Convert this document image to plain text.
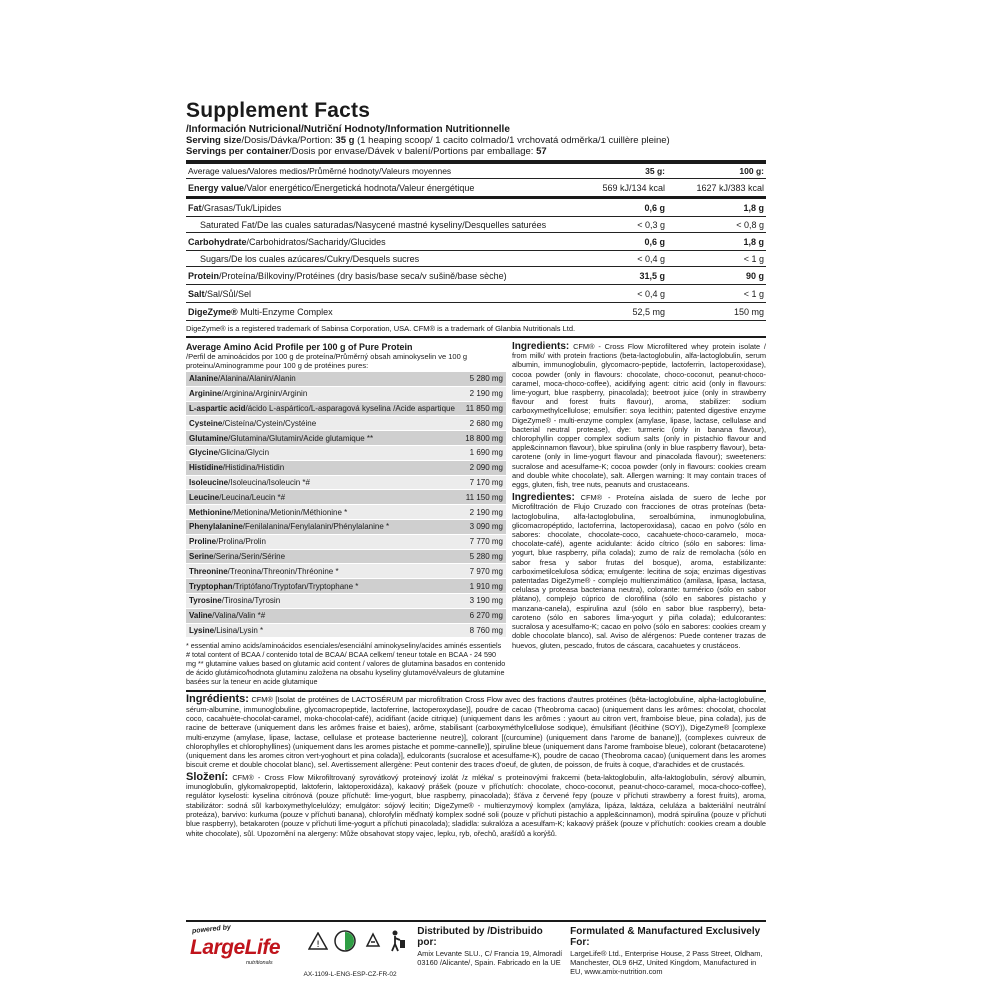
Supplement Facts
/Información Nutricional/Nutriční Hodnoty/Information Nutritionnelle
Serving size/Dosis/Dávka/Portion: 35 g (1 heaping scoop/ 1 cacito colmado/1 vrchovatá odměrka/1 cuillère pleine)
Servings per container/Dosis por envase/Dávek v balení/Portions par emballage: 57
Average values/Valores medios/Průměrné hodnoty/Valeurs moyennes	35 g:	100 g:
Energy value/Valor energético/Energetická hodnota/Valeur énergétique	569 kJ/134 kcal	1627 kJ/383 kcal
Fat/Grasas/Tuk/Lipides	0,6 g	1,8 g
Saturated Fat/De las cuales saturadas/Nasycené mastné kyseliny/Desquelles saturées	< 0,3 g	< 0,8 g
Carbohydrate/Carbohidratos/Sacharidy/Glucides	0,6 g	1,8 g
Sugars/De los cuales azúcares/Cukry/Desquels sucres	< 0,4 g	< 1 g
Protein/Proteína/Bílkoviny/Protéines (dry basis/base seca/v sušině/base sèche)	31,5 g	90 g
Salt/Sal/Sůl/Sel	< 0,4 g	< 1 g
DigeZyme® Multi-Enzyme Complex	52,5 mg	150 mg
DigeZyme® is a registered trademark of Sabinsa Corporation, USA. CFM® is a trademark of Glanbia Nutritionals Ltd.
Average Amino Acid Profile per 100 g of Pure Protein
/Perfil de aminoácidos por 100 g de proteína/Průměrný obsah aminokyselin ve 100 g proteinu/Aminogramme pour 100 g de protéines pures:
Alanine/Alanina/Alanin/Alanin	5 280 mg
Arginine/Arginina/Arginin/Arginin	2 190 mg
L-aspartic acid/ácido L-aspártico/L-asparagová kyselina /Acide aspartique 11 850 mg
Cysteine/Cisteína/Cystein/Cystéine	2 680 mg
Glutamine/Glutamina/Glutamin/Acide glutamique **	18 800 mg
Glycine/Glicina/Glycin	1 690 mg
Histidine/Histidina/Histidin	2 090 mg
Isoleucine/Isoleucina/Isoleucin *#	7 170 mg
Leucine/Leucina/Leucin *#	11 150 mg
Methionine/Metionina/Metionin/Méthionine *	2 190 mg
Phenylalanine/Fenilalanina/Fenylalanin/Phénylalanine *	3 090 mg
Proline/Prolina/Prolin	7 770 mg
Serine/Serina/Serin/Sérine	5 280 mg
Threonine/Treonina/Threonin/Thréonine *	7 970 mg
Tryptophan/Triptófano/Tryptofan/Tryptophane *	1 910 mg
Tyrosine/Tirosina/Tyrosin	3 190 mg
Valine/Valina/Valin *#	6 270 mg
Lysine/Lisina/Lysin *	8 760 mg
* essential amino acids/aminoácidos esenciales/esenciální aminokyseliny/acides aminés essentiels # total content of BCAA / contenido total de BCAA/ BCAA celkem/ teneur totale en BCAA - 24 590 mg ** glutamine values based on glutamic acid content / valores de glutamina basados en contenido de ácido glutámico/hodnota glutaminu založena na obsahu kyseliny glutamové/valeurs de glutamine basées sur la teneur en acide glutamique
Ingredients: CFM® - Cross Flow Microfiltered whey protein isolate / from milk/ with protein fractions (beta-lactoglobulin, alfa-lactoglobulin, serum albumin, immunoglobulin, glycomacro-peptide, lactoferrin, lactoperoxidase), cocoa powder (only in flavours: chocolate, choco-coconut, peanut-choco-caramel, moca-choco-coffee), acidifying agent: citric acid (only in flavours: lime-yogurt, blue raspberry, pinacolada); beetroot juice (only in strawberry flavour and forest fruits flavour), aroma, stabilizer: sodium carboxymethylcellulose; emulsifier: soya lecithin; patented digestive enzyme DigeZyme® - multi-enzyme complex (amylase, lipase, lactase, cellulase and bacterial neutral protease), dye: turmeric (only in banana flavour), chlorophyllin copper complex sodium salts (only in pistachio flavour and apple&cinnamon flavour), blue spirulina (only in blue raspberry flavour), beta-carotene (only in lime-yogurt flavour and pinacolada flavour); sweeteners: sucralose and acesulfame-K; cocoa powder (only in flavours: cookies cream and double white chocolate), salt. Allergen warning: It may contain traces of eggs, gluten, fish, tree nuts, peanuts and crustaceans.
Ingredientes: CFM® - Proteína aislada de suero de leche por Microfiltración de Flujo Cruzado con fracciones de otras proteínas (beta-lactoglobulina, alfa-lactoglobulina, seroalbúmina, inmunoglobulina, glicomacropéptido, lactoferrina, lactoperoxidasa), cacao en polvo (sólo en sabores: chocolate, chocolate-coco, cacahuete-choco-caramelo, moca-chocolate-café), agente acidulante: ácido cítrico (sólo en sabores: lima-yogurt, blue raspberry, piña colada); zumo de raíz de remolacha (sólo en sabor fresa y sabor frutas del bosque), aroma, estabilizante: carboximetilcelulosa sódica; emulgente: lecitina de soja; enzimas digestivas patentadas DigeZyme® - complejo multienzimático (amilasa, lipasa, lactasa, celulasa y proteasa bacteriana neutra), colorante: turmérico (sólo en sabor plátano), complejo cúprico de clorofilina (sólo en sabores pistacho y manzana-canela), espirulina azul (sólo en sabor blue raspberry), beta-caroteno (sólo en sabores lima-yogurt y piña colada); edulcorantes: sucralosa y acesulfamo-K; cacao en polvo (sólo en sabores: cookies cream y doble chocolate blanco), sal. Aviso de alérgenos: Puede contener trazas de huevos, gluten, pescado, frutos de cáscara, cacahuetes y crustáceos.
Ingrédients: CFM® [Isolat de protéines de LACTOSÉRUM par microfiltration Cross Flow avec des fractions d'autres protéines (bêta-lactoglobuline, alpha-lactoglobuline, sérum-albumine, immunoglobuline, glycomacropeptide, lactoferrine, lactoperoxydase)], poudre de cacao (Theobroma cacao) (uniquement dans les arômes: chocolat, chocolat coco, cacahuète-chocolat-caramel, moka-chocolat-café), acidifiant (acide citrique) (uniquement dans les arômes : yaourt au citron vert, framboise bleue, pina colada), jus de racine de betterave (uniquement dans les arômes fraise et baies), arôme, stabilisant (carboxyméthylcellulose sodique), émulsifiant (lécithine (SOY)), DigeZyme® [complexe multi-enzyme (amylase, lipase, lactase, cellulase et protease bacterienne neutre)], colorant [(curcumine) (uniquement dans l'arome de banane)], (complexes cuivreux de chlorophylles et chlorophyllines) (uniquement dans les aromes pistache et pomme-cannelle)], spiruline bleue (uniquement dans l'arome framboise bleue), colorant (betacarotene) (uniquement dans les aromes citron vert-yoghourt et pina colada)], edulcorants (sucralose et acesulfame-K), poudre de cacao (Theobroma cacao) (uniquement dans les aromes biscuit creme et double chocolat blanc), sel. Avertissement allergène: Peut contenir des traces d'oeuf, de gluten, de poisson, de fruits à coque, d'arachides et de crustacés.
Složení: CFM® - Cross Flow Mikrofiltrovaný syrovátkový proteinový izolát /z mléka/ s proteinovými frakcemi (beta-laktoglobulin, alfa-laktoglobulin, sérový albumin, imunoglobulin, glykomakropeptid, laktoferin, laktoperoxidáza), kakaový prášek (pouze v příchutích: chocolate, choco-coconut, peanut-choco-caramel, moca-choco-coffee), regulátor kyselosti: kyselina citrónová (pouze příchutě: lime-yogurt, blue raspberry, pinacolada); šťáva z červené řepy (pouze v příchuti strawberry a forest fruits), aroma, stabilizátor: sodná sůl karboxymethylcelulózy; emulgátor: sójový lecitin; DigeZyme® - multienzymový komplex (amyláza, lipáza, laktáza, celuláza a bakteriální neutrální proteáza), barvivo: kurkuma (pouze v příchuti banana), chlorofylin měďnatý komplex sodné soli (pouze v příchuti pistachio a apple&cinnamon), modrá spirulina (pouze v příchuti blue raspberry), betakaroten (pouze v příchuti lime-yogurt a příchuti pinacolada); sladidla: sukralóza a acesulfam-K; kakaový prášek (pouze v příchutích: cookies cream a double white chocolate), sůl. Upozornění na alergeny: Může obsahovat stopy vajec, lepku, ryb, ořechů, arašídů a korýšů.
powered by
LargeLife
nutritionals
!
AX-1109-L-ENG-ESP-CZ-FR-02
Distributed by /Distribuido por:

Amix Levante SLU., C/ Francia 19, Almoradí 03160 /Alicante/, Spain. Fabricado en la UE

Formulated & Manufactured Exclusively For:

LargeLife® Ltd., Enterprise House, 2 Pass Street, Oldham, Manchester, OL9 6HZ, United Kingdom, Manufactured in EU, www.amix-nutrition.com
